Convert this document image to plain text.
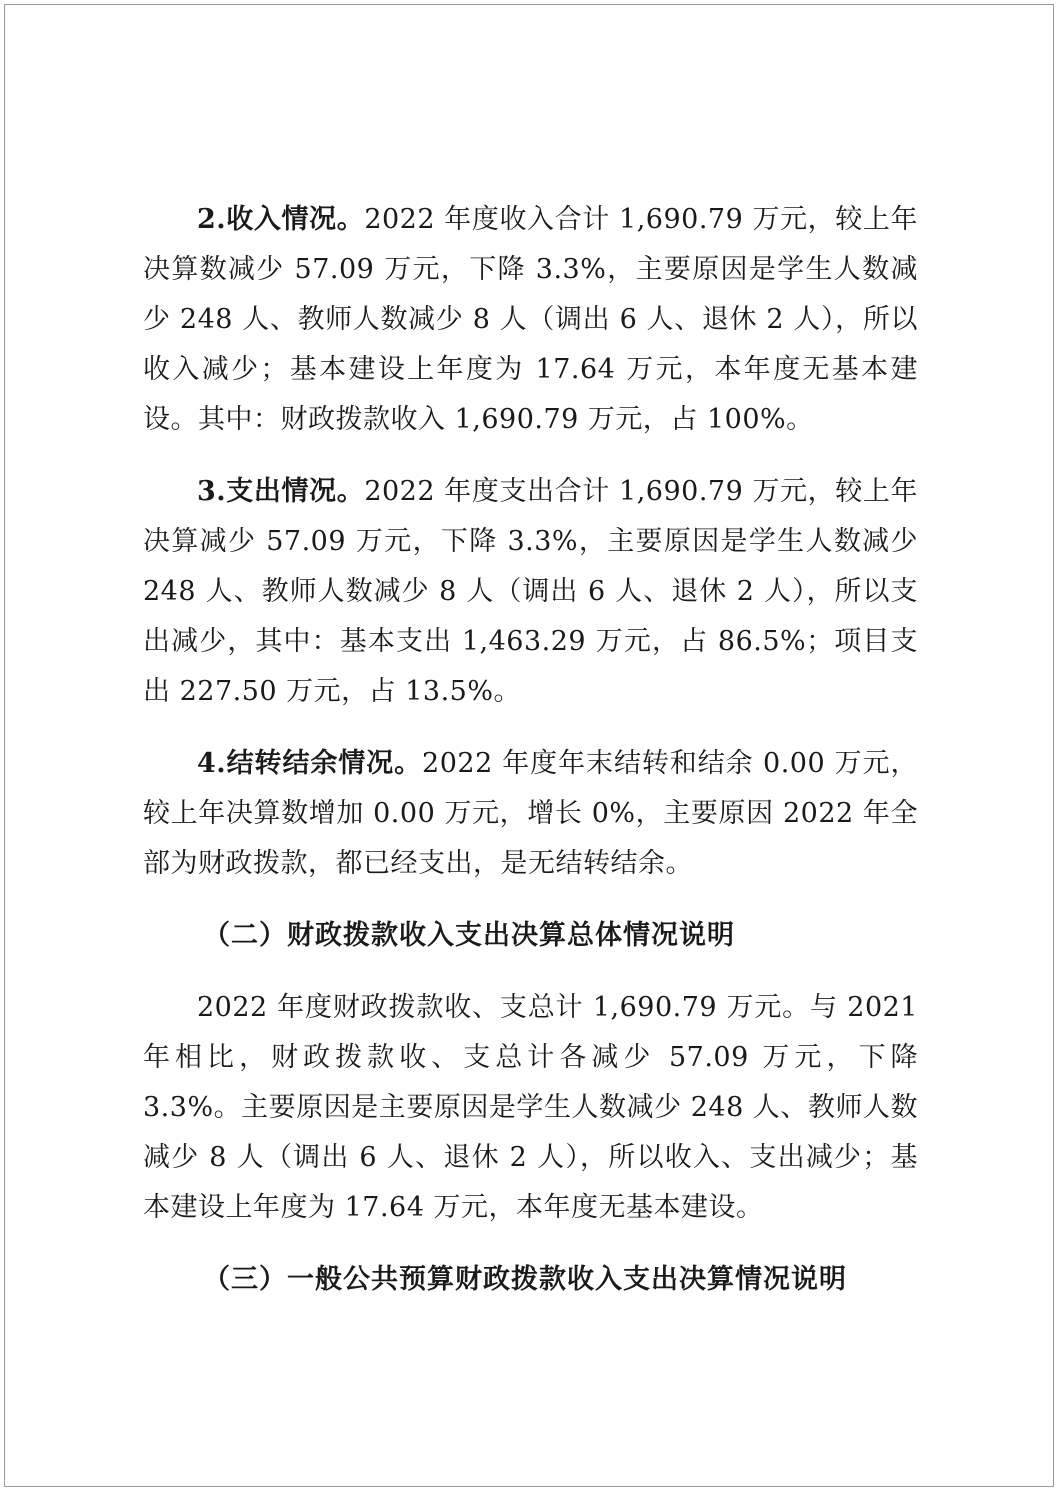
2.收入情况。2022 年度收入合计 1,690.79 万元，较上年决算数减少 57.09 万元，下降 3.3%，主要原因是学生人数减少 248 人、教师人数减少 8 人（调出 6 人、退休 2 人），所以收入减少；基本建设上年度为 17.64 万元，本年度无基本建设。其中：财政拨款收入 1,690.79 万元，占 100%。

3.支出情况。2022 年度支出合计 1,690.79 万元，较上年决算减少 57.09 万元，下降 3.3%，主要原因是学生人数减少 248 人、教师人数减少 8 人（调出 6 人、退休 2 人），所以支出减少，其中：基本支出 1,463.29 万元，占 86.5%；项目支出 227.50 万元，占 13.5%。

4.结转结余情况。2022 年度年末结转和结余 0.00 万元，较上年决算数增加 0.00 万元，增长 0%，主要原因 2022 年全部为财政拨款，都已经支出，是无结转结余。

（二）财政拨款收入支出决算总体情况说明

2022 年度财政拨款收、支总计 1,690.79 万元。与 2021 年相比，财政拨款收、支总计各减少 57.09 万元，下降 3.3%。主要原因是主要原因是学生人数减少 248 人、教师人数减少 8 人（调出 6 人、退休 2 人），所以收入、支出减少；基本建设上年度为 17.64 万元，本年度无基本建设。

（三）一般公共预算财政拨款收入支出决算情况说明
